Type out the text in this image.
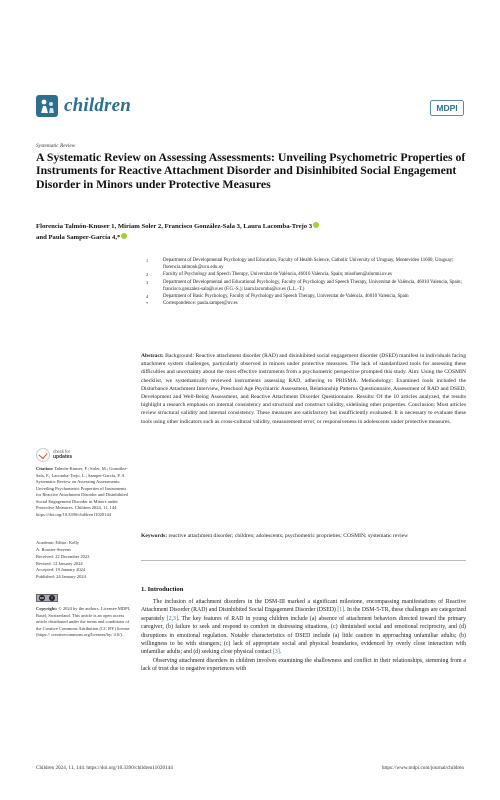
children	MDPI
Systematic Review
A Systematic Review on Assessing Assessments: Unveiling Psychometric Properties of Instruments for Reactive Attachment Disorder and Disinhibited Social Engagement Disorder in Minors under Protective Measures
Florencia Talmón-Knuser 1, Miriam Soler 2, Francisco González-Sala 3, Laura Lacomba-Trejo 3
and Paula Samper-García 4,*
1	Department of Developmental Psychology and Education, Faculty of Health Science, Catholic University of Uruguay, Montevideo 11600, Uruguay; florencia.talmonk@ucu.edu.uy
2	Faculty of Psychology and Speech Therapy, Universitat de València, 46010 Valencia, Spain; misofuen@alumni.uv.es
3	Department of Developmental and Educational Psychology, Faculty of Psychology and Speech Therapy, Universitat de València, 46010 Valencia, Spain; francisco.gonzalez-sala@uv.es (F.G.-S.); laura.lacomba@uv.es (L.L.-T.)
4	Department of Basic Psychology, Faculty of Psychology and Speech Therapy, Universitat de València, 46010 Valencia, Spain
*	Correspondence: paula.samper@uv.es
Abstract: Background: Reactive attachment disorder (RAD) and disinhibited social engagement disorder (DSED) manifest in individuals facing attachment system challenges, particularly observed in minors under protective measures. The lack of standardized tools for assessing these difficulties and uncertainty about the most effective instruments from a psychometric perspective prompted this study. Aim: Using the COSMIN checklist, we systematically reviewed instruments assessing RAD, adhering to PRISMA. Methodology: Examined tools included the Disturbance Attachment Interview, Preschool Age Psychiatric Assessment, Relationship Patterns Questionnaire, Assessment of RAD and DSED, Development and Well-Being Assessment, and Reactive Attachment Disorder Questionnaire. Results: Of the 10 articles analyzed, the results highlight a research emphasis on internal consistency and structural and construct validity, sidelining other properties. Conclusion: Most articles review structural validity and internal consistency. These measures are satisfactory but insufficiently evaluated. It is necessary to evaluate these tools using other indicators such as cross-cultural validity, measurement error, or responsiveness in adolescents under protective measures.
Keywords: reactive attachment disorder; children; adolescents; psychometric proprieties; COSMIN; systematic review
1. Introduction

The inclusion of attachment disorders in the DSM-III marked a significant milestone, encompassing manifestations of Reactive Attachment Disorder (RAD) and Disinhibited Social Engagement Disorder (DSED) [1]. In the DSM-5-TR, these challenges are categorized separately [2,3]. The key features of RAD in young children include (a) absence of attachment behaviors directed toward the primary caregiver, (b) failure to seek and respond to comfort in distressing situations, (c) diminished social and emotional reciprocity, and (d) disruptions in emotional regulation. Notable characteristics of DSED include (a) little caution in approaching unfamiliar adults; (b) willingness to be with strangers; (c) lack of appropriate social and physical boundaries, evidenced by overly close interaction with unfamiliar adults; and (d) seeking close physical contact [3].

Observing attachment disorders in children involves examining the shallowness and conflict in their relationships, stemming from a lack of trust due to negative experiences with

check for
updates
Citation: Talmón-Knuser, F.; Soler, M.; González-Sala, F.; Lacomba-Trejo, L.; Samper-García, P. A Systematic Review on Assessing Assessments: Unveiling Psychometric Properties of Instruments for Reactive Attachment Disorder and Disinhibited Social Engagement Disorder in Minors under Protective Measures. Children 2024, 11, 144. https://doi.org/10.3390/children11020144
Academic Editor: Kelly
A. Rouster-Stevens
Received: 22 December 2023
Revised: 12 January 2024
Accepted: 19 January 2024
Published: 24 January 2024
cc	i
Copyright: © 2024 by the authors. Licensee MDPI, Basel, Switzerland. This article is an open access article distributed under the terms and conditions of the Creative Commons Attribution (CC BY) license (https:// creativecommons.org/licenses/by/ 4.0/).
Children 2024, 11, 144. https://doi.org/10.3390/children11020144	https://www.mdpi.com/journal/children
